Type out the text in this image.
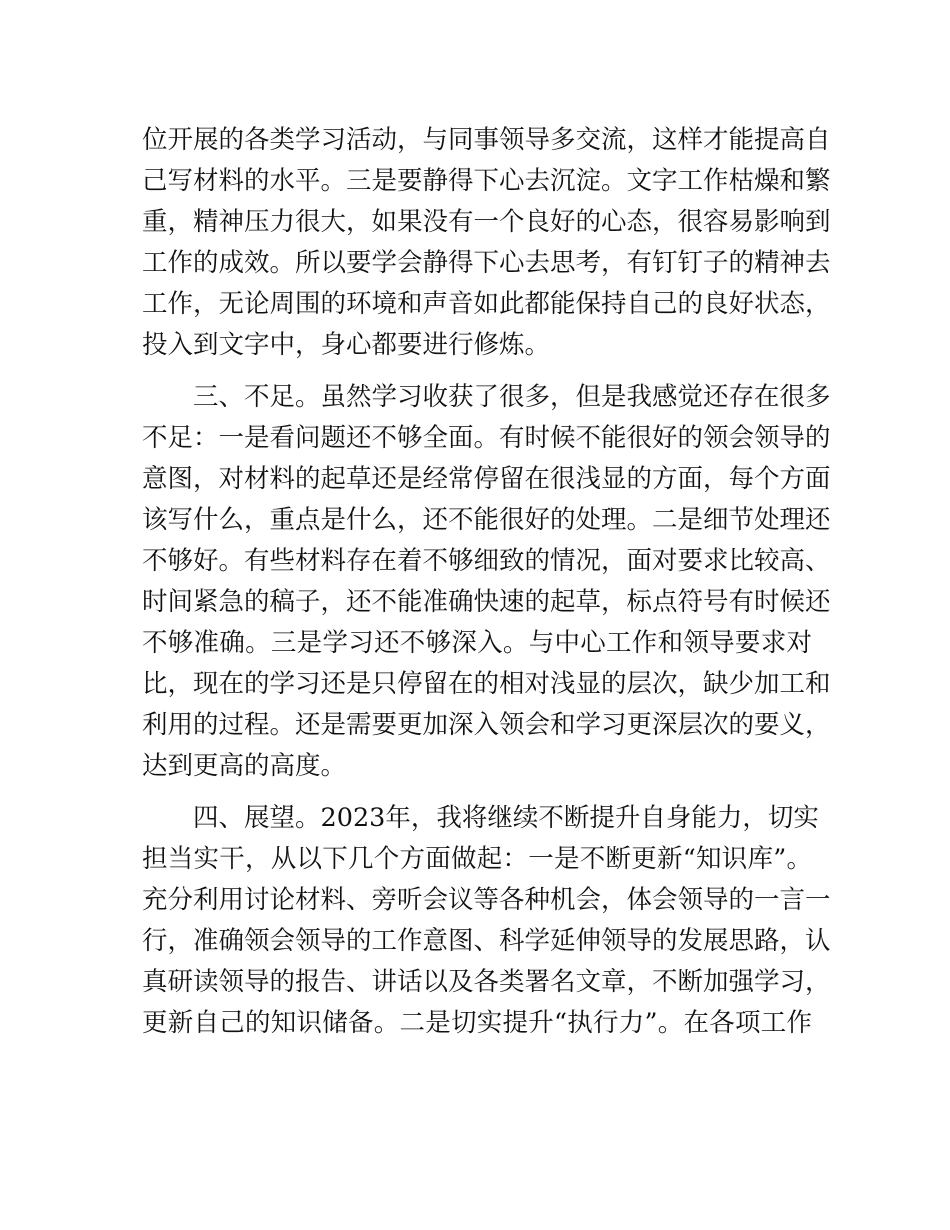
位开展的各类学习活动，与同事领导多交流，这样才能提高自
己写材料的水平。三是要静得下心去沉淀。文字工作枯燥和繁
重，精神压力很大，如果没有一个良好的心态，很容易影响到
工作的成效。所以要学会静得下心去思考，有钉钉子的精神去
工作，无论周围的环境和声音如此都能保持自己的良好状态，
投入到文字中，身心都要进行修炼。
　　三、不足。虽然学习收获了很多，但是我感觉还存在很多
不足：一是看问题还不够全面。有时候不能很好的领会领导的
意图，对材料的起草还是经常停留在很浅显的方面，每个方面
该写什么，重点是什么，还不能很好的处理。二是细节处理还
不够好。有些材料存在着不够细致的情况，面对要求比较高、
时间紧急的稿子，还不能准确快速的起草，标点符号有时候还
不够准确。三是学习还不够深入。与中心工作和领导要求对
比，现在的学习还是只停留在的相对浅显的层次，缺少加工和
利用的过程。还是需要更加深入领会和学习更深层次的要义，
达到更高的高度。
　　四、展望。2023年，我将继续不断提升自身能力，切实
担当实干，从以下几个方面做起：一是不断更新“知识库”。
充分利用讨论材料、旁听会议等各种机会，体会领导的一言一
行，准确领会领导的工作意图、科学延伸领导的发展思路，认
真研读领导的报告、讲话以及各类署名文章，不断加强学习，
更新自己的知识储备。二是切实提升“执行力”。在各项工作
